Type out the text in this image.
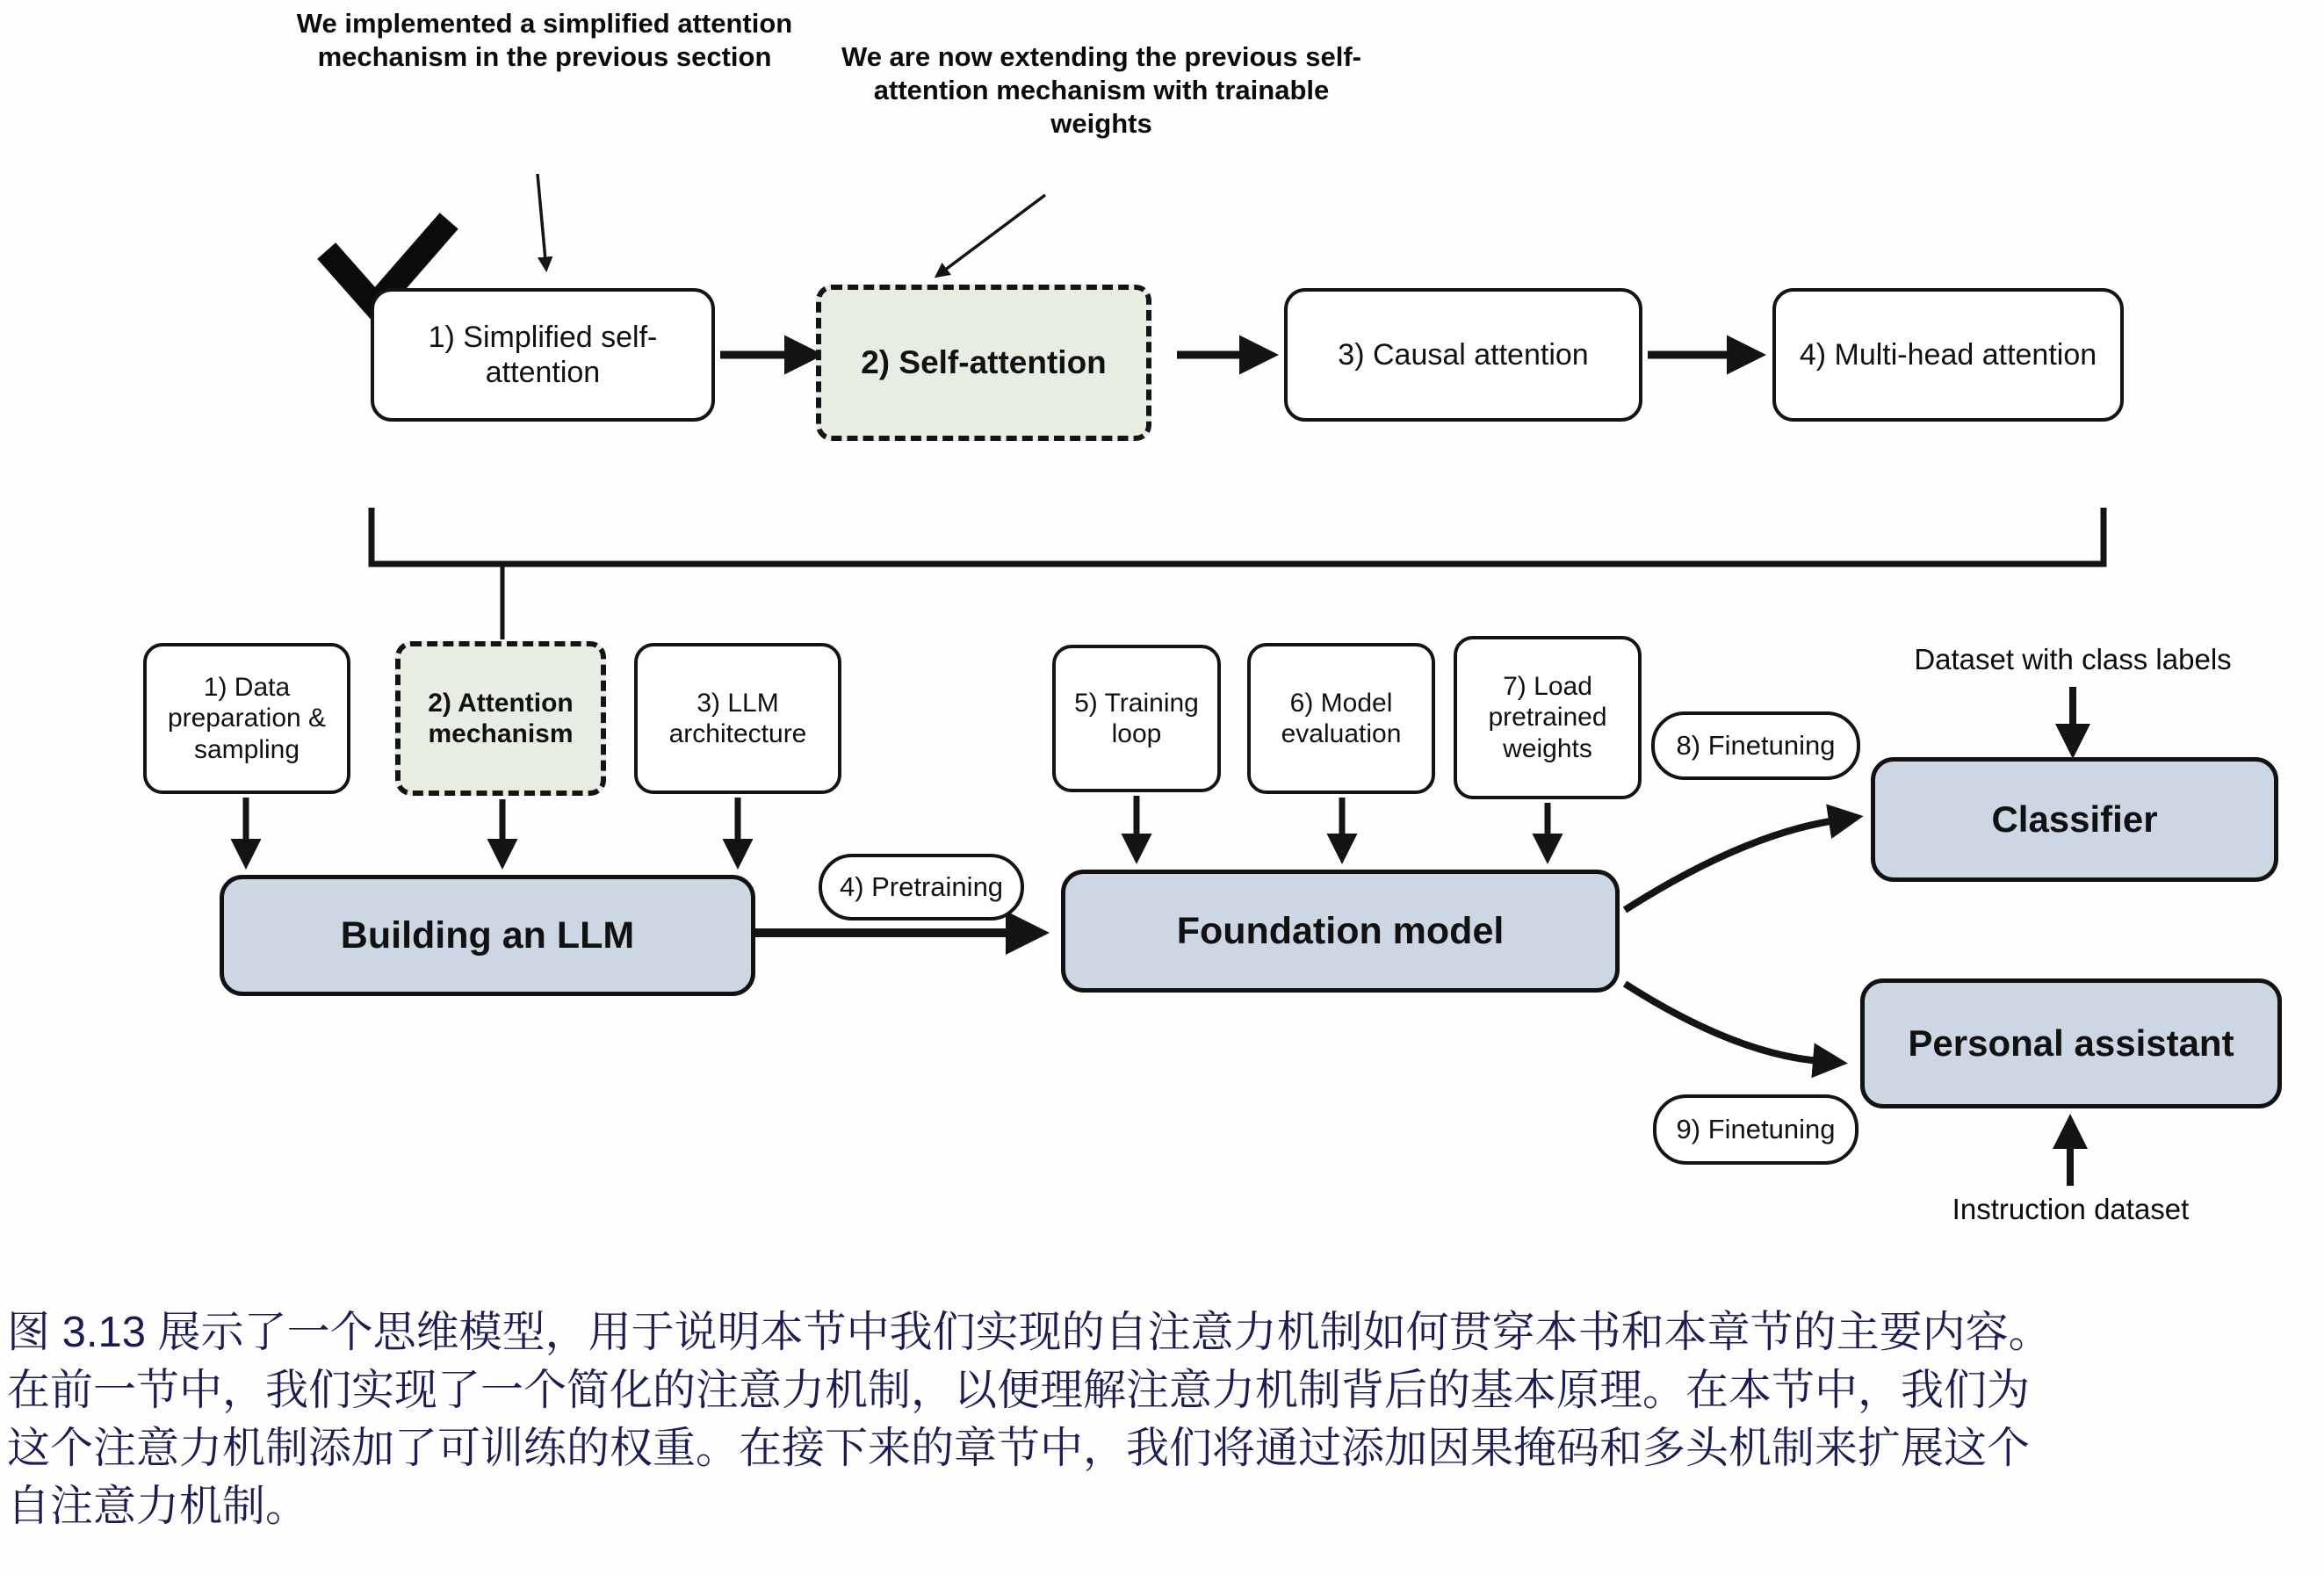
We implemented a simplified attention mechanism in the previous section	We are now extending the previous self-attention mechanism with trainable weights
1) Simplified self-attention	2) Self-attention	3) Causal attention	4) Multi-head attention
1) Data preparation & sampling
2) Attention mechanism
3) LLM architecture
5) Training loop
6) Model evaluation
7) Load pretrained weights
4) Pretraining
8) Finetuning
9) Finetuning
Building an LLM	Foundation model
Classifier
Personal assistant
Dataset with class labels
Instruction dataset
图 3.13 展示了一个思维模型，用于说明本节中我们实现的自注意力机制如何贯穿本书和本章节的主要内容。
在前一节中，我们实现了一个简化的注意力机制，以便理解注意力机制背后的基本原理。在本节中，我们为
这个注意力机制添加了可训练的权重。在接下来的章节中，我们将通过添加因果掩码和多头机制来扩展这个
自注意力机制。
